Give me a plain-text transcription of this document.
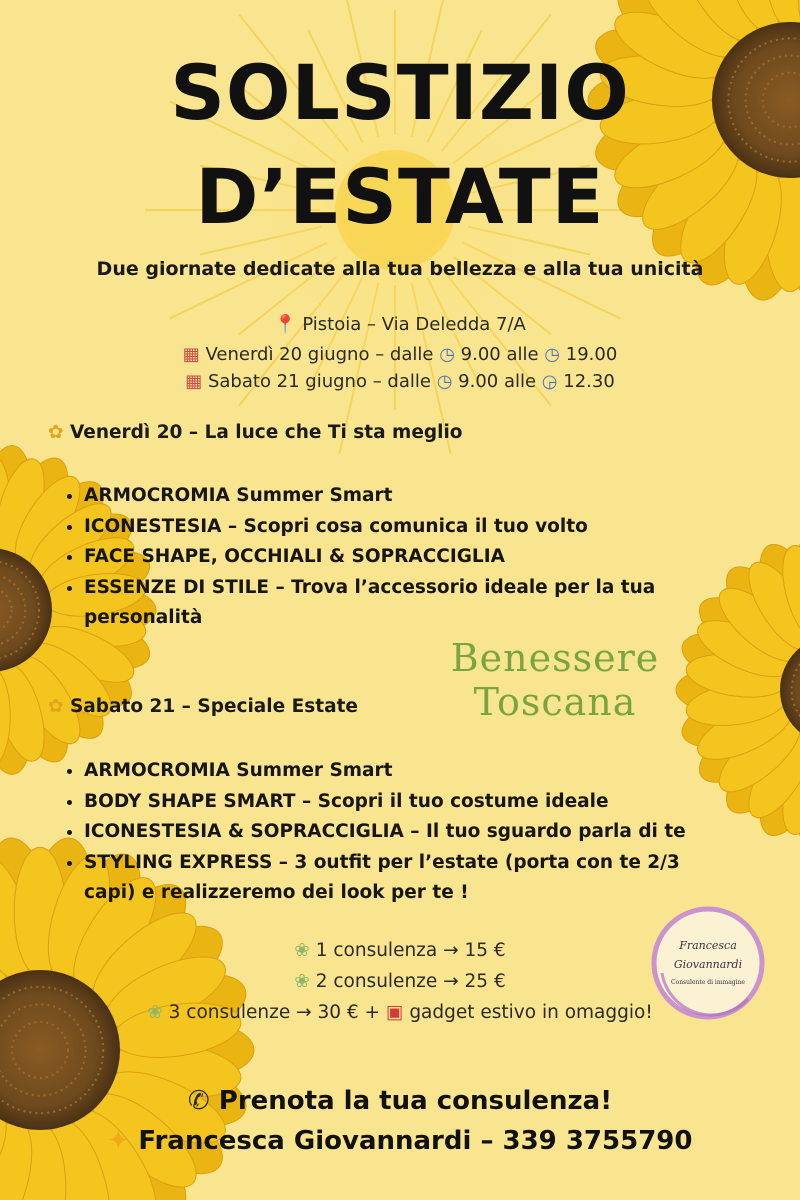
SOLSTIZIO
D’ESTATE
Due giornate dedicate alla tua bellezza e alla tua unicità
📍 Pistoia – Via Deledda 7/A
▦ Venerdì 20 giugno – dalle ◷ 9.00 alle ◷ 19.00
▦ Sabato 21 giugno – dalle ◷ 9.00 alle ◶ 12.30
✿ Venerdì 20 – La luce che Ti sta meglio
• ARMOCROMIA Summer Smart
• ICONESTESIA – Scopri cosa comunica il tuo volto
• FACE SHAPE, OCCHIALI & SOPRACCIGLIA
• ESSENZE DI STILE – Trova l’accessorio ideale per la tua personalità
Benessere
Toscana
✿ Sabato 21 – Speciale Estate
• ARMOCROMIA Summer Smart
• BODY SHAPE SMART – Scopri il tuo costume ideale
• ICONESTESIA & SOPRACCIGLIA – Il tuo sguardo parla di te
• STYLING EXPRESS – 3 outfit per l’estate (porta con te 2/3 capi) e realizzeremo dei look per te !
❀ 1 consulenza → 15 €
❀ 2 consulenze → 25 €
❀ 3 consulenze → 30 € + ▣ gadget estivo in omaggio!
Francesca
Giovannardi
Consulente di immagine
✆ Prenota la tua consulenza!
✦ Francesca Giovannardi – 339 3755790
